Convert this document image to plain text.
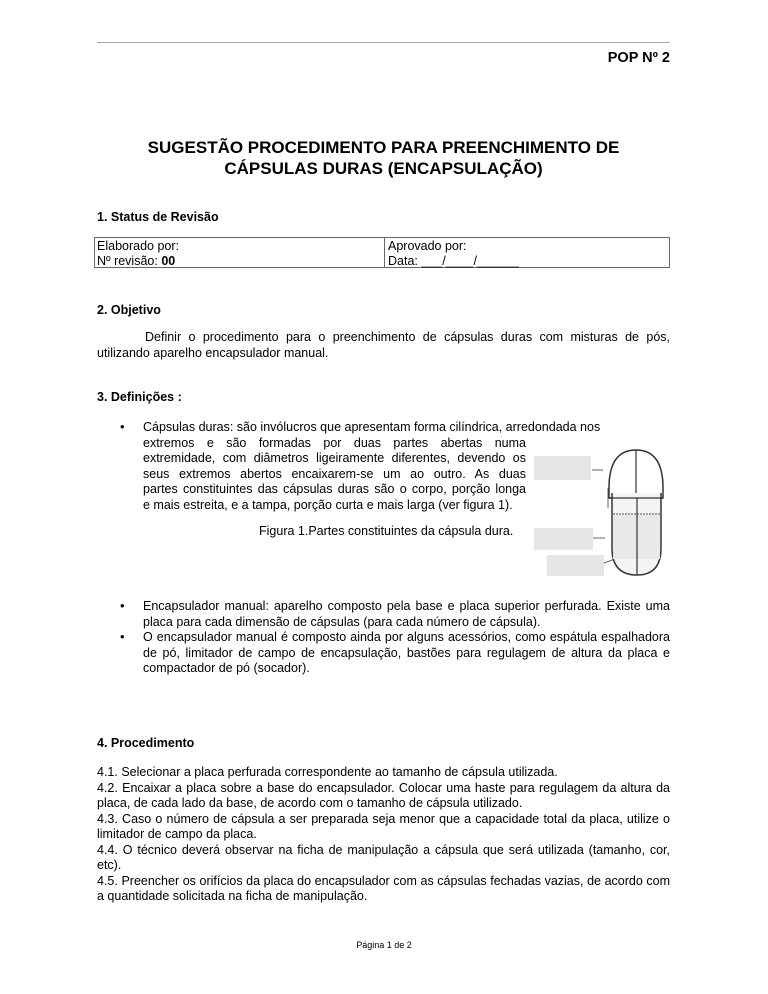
POP Nº 2
SUGESTÃO PROCEDIMENTO PARA PREENCHIMENTO DE
CÁPSULAS DURAS (ENCAPSULAÇÃO)
1. Status de Revisão
Elaborado por:
Nº revisão: 00
Aprovado por:
Data: ___/____/______
2. Objetivo
Definir o procedimento para o preenchimento de cápsulas duras com misturas de pós, utilizando aparelho encapsulador manual.
3. Definições :
• Cápsulas duras: são invólucros que apresentam forma cilíndrica, arredondada nos
extremos e são formadas por duas partes abertas numa
extremidade, com diâmetros ligeiramente diferentes, devendo os
seus extremos abertos encaixarem-se um ao outro. As duas
partes constituintes das cápsulas duras são o corpo, porção longa
e mais estreita, e a tampa, porção curta e mais larga (ver figura 1).
Figura 1.Partes constituintes da cápsula dura.
• Encapsulador manual: aparelho composto pela base e placa superior perfurada. Existe uma placa para cada dimensão de cápsulas (para cada número de cápsula).
• O encapsulador manual é composto ainda por alguns acessórios, como espátula espalhadora de pó, limitador de campo de encapsulação, bastões para regulagem de altura da placa e compactador de pó (socador).
4. Procedimento

4.1. Selecionar a placa perfurada correspondente ao tamanho de cápsula utilizada.

4.2. Encaixar a placa sobre a base do encapsulador. Colocar uma haste para regulagem da altura da placa, de cada lado da base, de acordo com o tamanho de cápsula utilizado.

4.3. Caso o número de cápsula a ser preparada seja menor que a capacidade total da placa, utilize o limitador de campo da placa.

4.4. O técnico deverá observar na ficha de manipulação a cápsula que será utilizada (tamanho, cor, etc).

4.5. Preencher os orifícios da placa do encapsulador com as cápsulas fechadas vazias, de acordo com a quantidade solicitada na ficha de manipulação.

Página 1 de 2
